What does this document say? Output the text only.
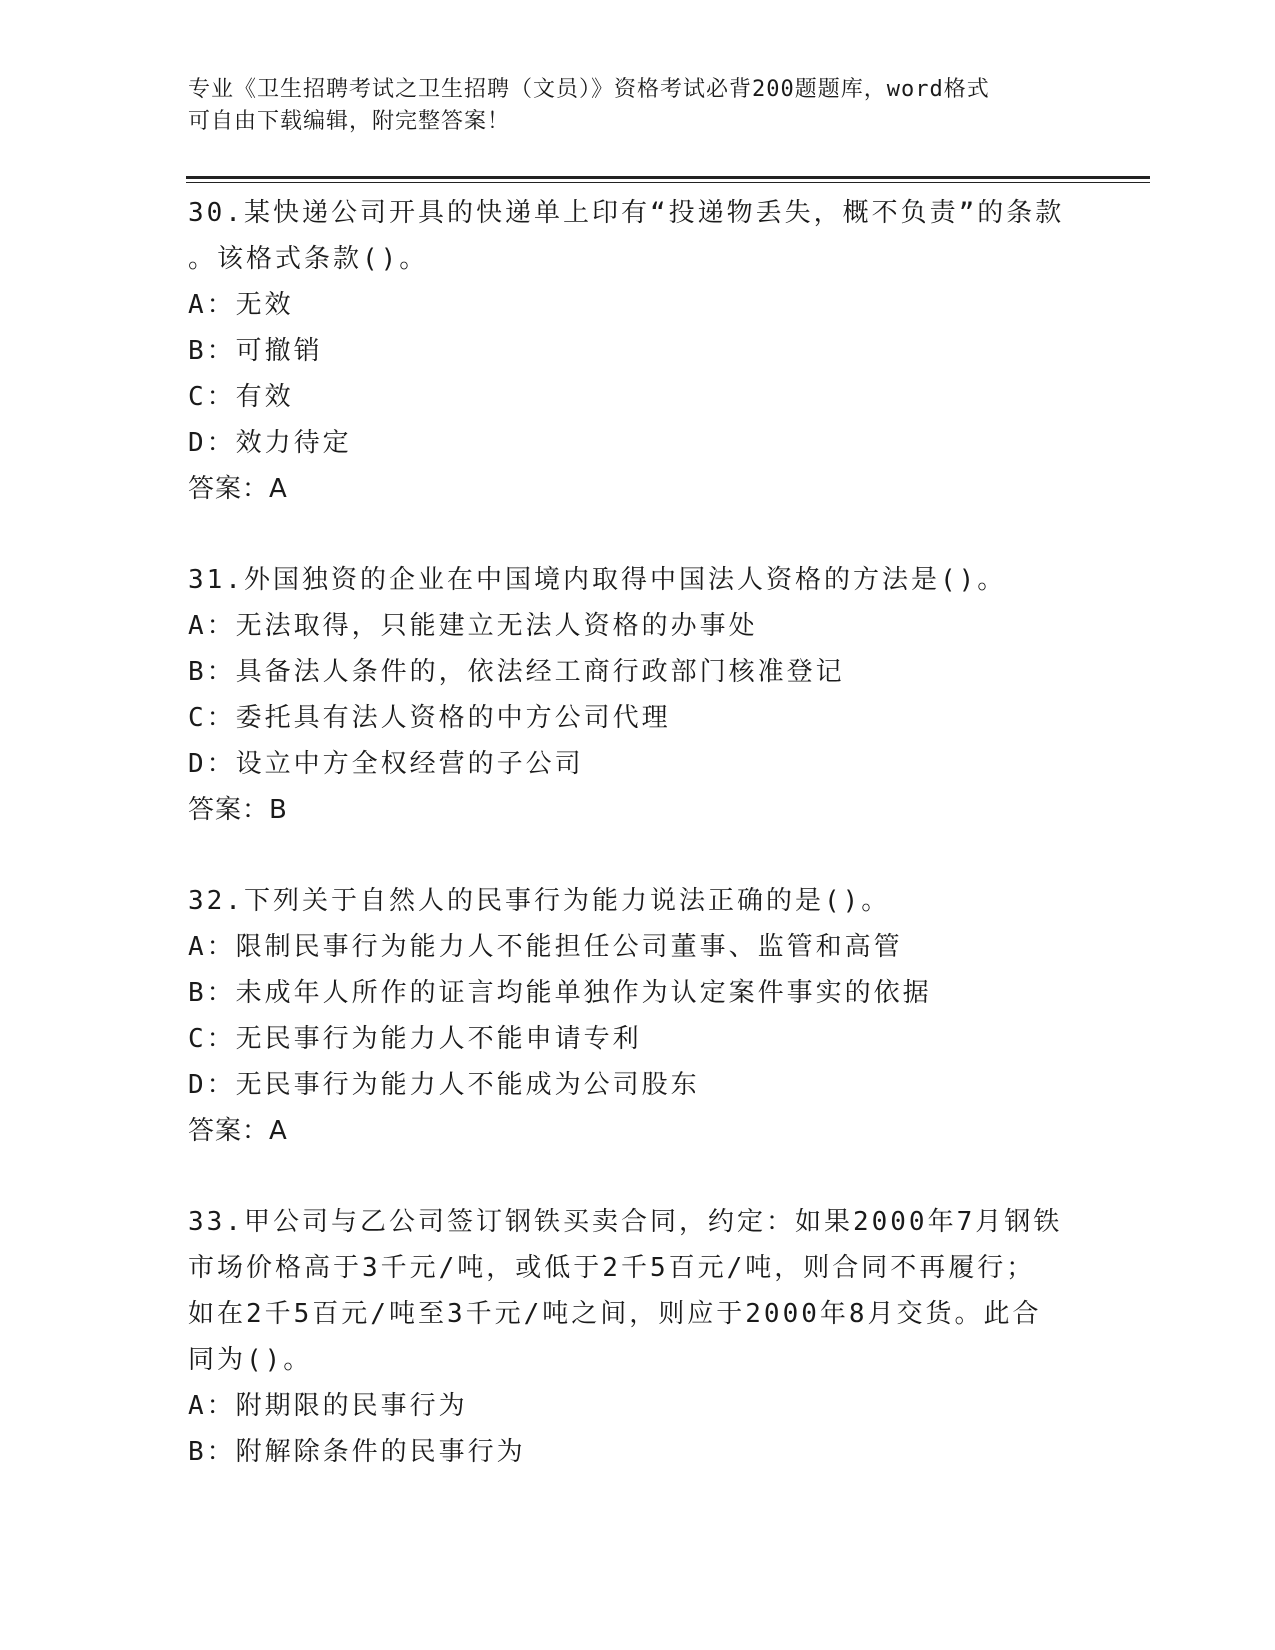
专业《卫生招聘考试之卫生招聘（文员）》资格考试必背200题题库，word格式
可自由下载编辑，附完整答案！
30.某快递公司开具的快递单上印有“投递物丢失，概不负责”的条款
。该格式条款()。
A：无效
B：可撤销
C：有效
D：效力待定
答案：A
31.外国独资的企业在中国境内取得中国法人资格的方法是()。
A：无法取得，只能建立无法人资格的办事处
B：具备法人条件的，依法经工商行政部门核准登记
C：委托具有法人资格的中方公司代理
D：设立中方全权经营的子公司
答案：B
32.下列关于自然人的民事行为能力说法正确的是()。
A：限制民事行为能力人不能担任公司董事、监管和高管
B：未成年人所作的证言均能单独作为认定案件事实的依据
C：无民事行为能力人不能申请专利
D：无民事行为能力人不能成为公司股东
答案：A
33.甲公司与乙公司签订钢铁买卖合同，约定：如果2000年7月钢铁
市场价格高于3千元/吨，或低于2千5百元/吨，则合同不再履行；
如在2千5百元/吨至3千元/吨之间，则应于2000年8月交货。此合
同为()。
A：附期限的民事行为
B：附解除条件的民事行为
